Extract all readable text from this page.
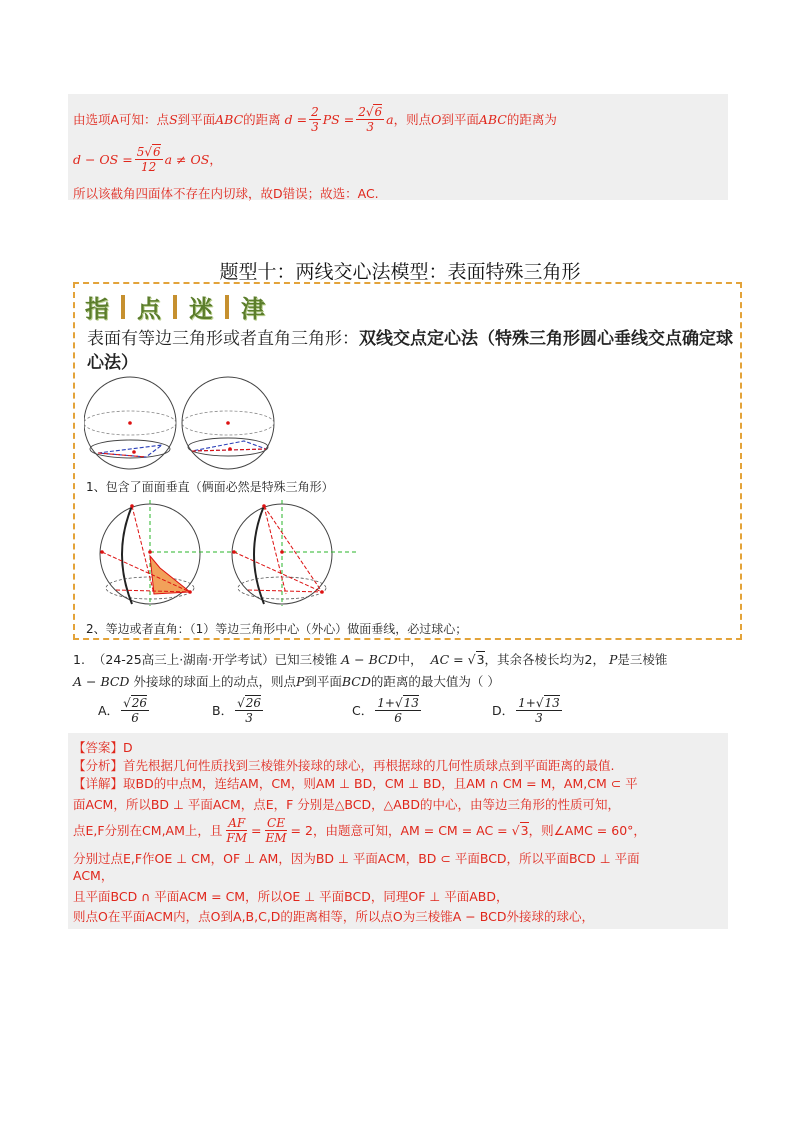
由选项A可知：点 S 到平面 ABC 的距离
$d = \frac{2}{3}$ PS = $\frac{2√6}{3}$ a ，则点 O 到平面 ABC 的距离为
d − OS = $\frac{5√6}{12}$ a ≠ OS ，
所以该截角四面体不存在内切球，故D错误；故选：AC.
题型十：两线交心法模型：表面特殊三角形
指 点 迷 津
表面有等边三角形或者直角三角形：双线交点定心法（特殊三角形圆心垂线交点确定球心法）
1、包含了面面垂直（俩面必然是特殊三角形）
2、等边或者直角：（1）等边三角形中心（外心）做面垂线，必过球心；
1. （24-25高三上·湖南·开学考试）已知三棱锥 A − BCD中， AC = √3，其余各棱长均为2， P是三棱锥
A − BCD 外接球的球面上的动点，则点P到平面BCD的距离的最大值为（ ）
A． $\frac{√26}{6}$	B． $\frac{√26}{3}$	C． $\frac{1+√13}{6}$	D． $\frac{1+√13}{3}$
【答案】D
【分析】首先根据几何性质找到三棱锥外接球的球心，再根据球的几何性质球点到平面距离的最值.
【详解】取BD的中点M，连结AM，CM，则AM ⊥ BD，CM ⊥ BD，且AM ∩ CM = M，AM,CM ⊂ 平
面ACM，所以BD ⊥ 平面ACM，点E，F 分别是△BCD，△ABD的中心，由等边三角形的性质可知，
点E,F分别在CM,AM上，且 $\frac{AF}{FM} = \frac{CE}{EM} = 2$，由题意可知，AM = CM = AC = √ 3 ，则∠AMC = 60°，
分别过点E,F作OE ⊥ CM，OF ⊥ AM，因为BD ⊥ 平面ACM，BD ⊂ 平面BCD，所以平面BCD ⊥ 平面
ACM，
且平面BCD ∩ 平面ACM = CM，所以OE ⊥ 平面BCD，同理OF ⊥ 平面ABD，
则点O在平面ACM内，点O到A,B,C,D的距离相等，所以点O为三棱锥A − BCD外接球的球心，
